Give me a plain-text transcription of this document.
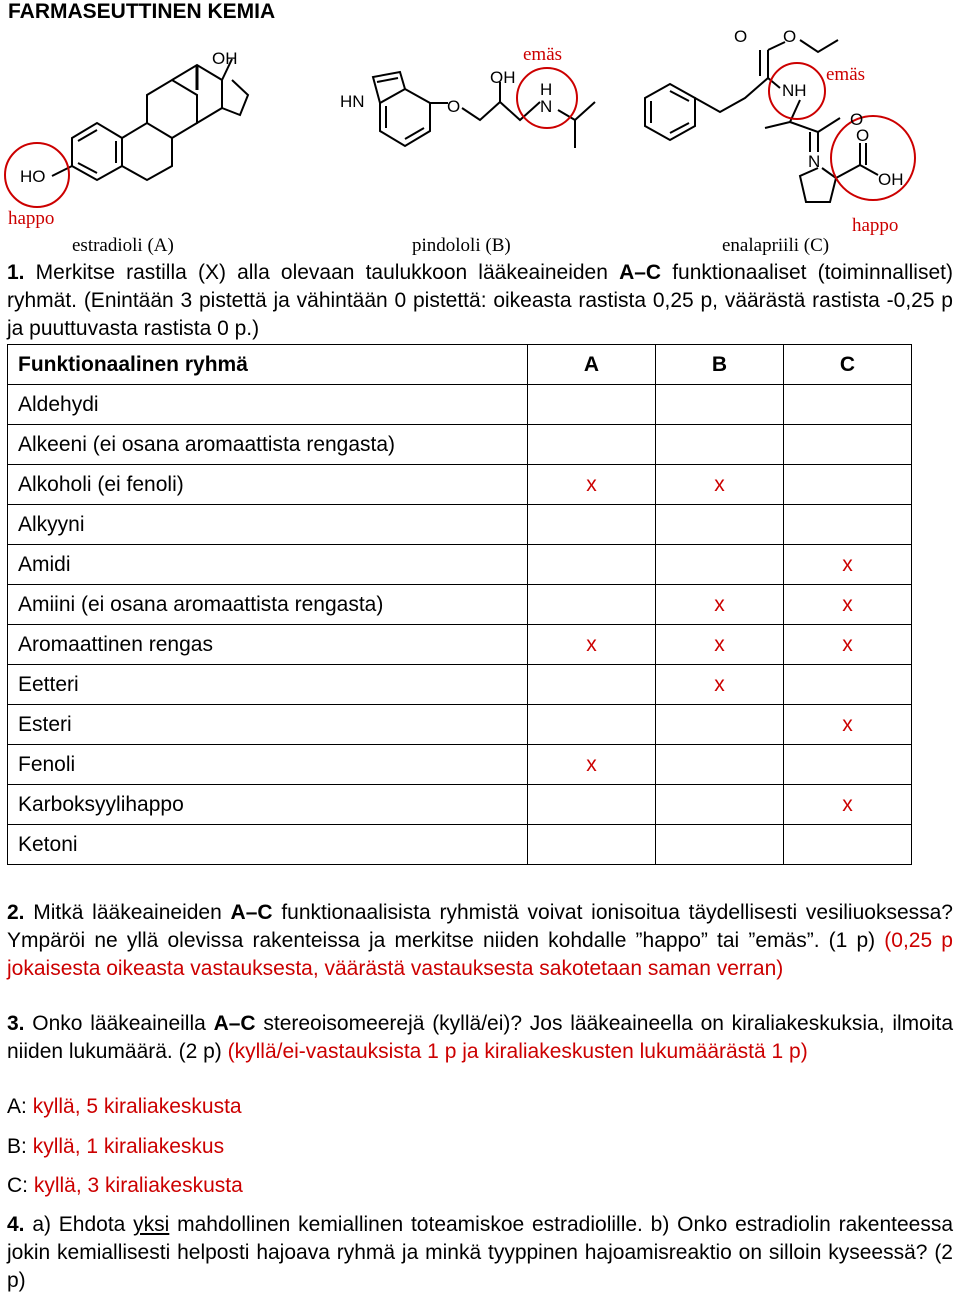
FARMASEUTTINEN KEMIA
HO
OH
HN	O
OH
H
N
O O
NH
O
N
O
OH
happo
emäs
emäs
happo
estradioli (A)	pindololi (B)	enalapriili (C)
1. Merkitse rastilla (X) alla olevaan taulukkoon lääkeaineiden A–C funktionaaliset (toiminnalliset) ryhmät. (Enintään 3 pistettä ja vähintään 0 pistettä: oikeasta rastista 0,25 p, väärästä rastista -0,25 p ja puuttuvasta rastista 0 p.)
Funktionaalinen ryhmä	A	B	C
Aldehydi			
Alkeeni (ei osana aromaattista rengasta)			
Alkoholi (ei fenoli)	x	x	
Alkyyni			
Amidi			x
Amiini (ei osana aromaattista rengasta)		x	x
Aromaattinen rengas	x	x	x
Eetteri		x	
Esteri			x
Fenoli	x		
Karboksyylihappo			x
Ketoni			
2. Mitkä lääkeaineiden A–C funktionaalisista ryhmistä voivat ionisoitua täydellisesti vesiliuoksessa? Ympäröi ne yllä olevissa rakenteissa ja merkitse niiden kohdalle ”happo” tai ”emäs”. (1 p) (0,25 p jokaisesta oikeasta vastauksesta, väärästä vastauksesta sakotetaan saman verran)
3. Onko lääkeaineilla A–C stereoisomeerejä (kyllä/ei)? Jos lääkeaineella on kiraliakeskuksia, ilmoita niiden lukumäärä. (2 p) (kyllä/ei-vastauksista 1 p ja kiraliakeskusten lukumäärästä 1 p)
A: kyllä, 5 kiraliakeskusta
B: kyllä, 1 kiraliakeskus
C: kyllä, 3 kiraliakeskusta
4. a) Ehdota yksi mahdollinen kemiallinen toteamiskoe estradiolille. b) Onko estradiolin rakenteessa jokin kemiallisesti helposti hajoava ryhmä ja minkä tyyppinen hajoamisreaktio on silloin kyseessä? (2 p)
